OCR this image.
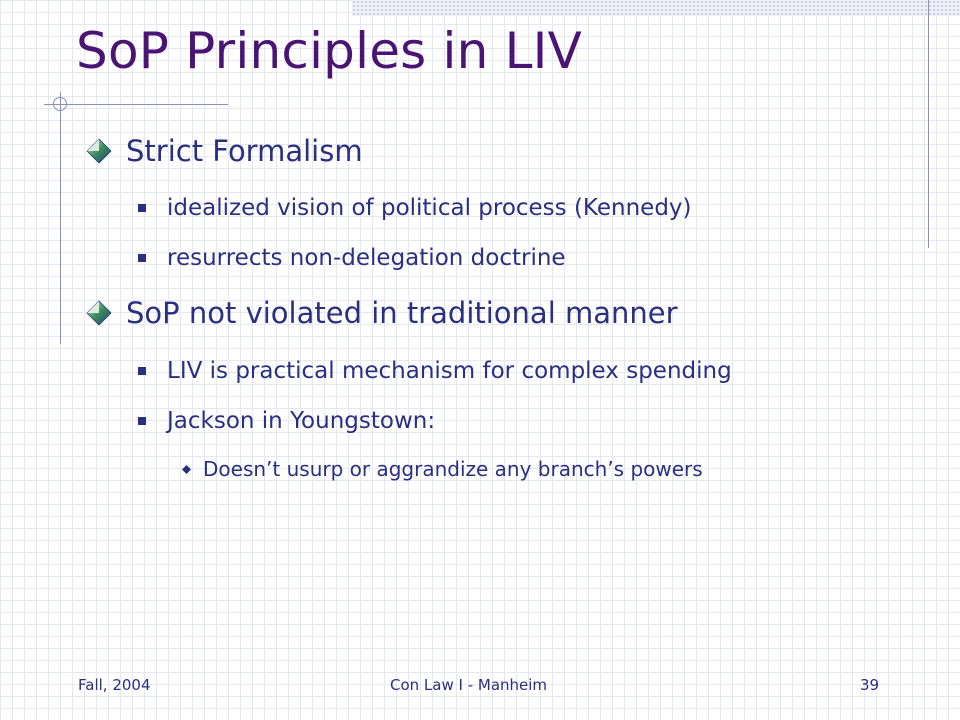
SoP Principles in LIV
Strict Formalism
idealized vision of political process (Kennedy)
resurrects non-delegation doctrine
SoP not violated in traditional manner
LIV is practical mechanism for complex spending
Jackson in Youngstown:
Doesn’t usurp or aggrandize any branch’s powers
Fall, 2004	Con Law I - Manheim	39
